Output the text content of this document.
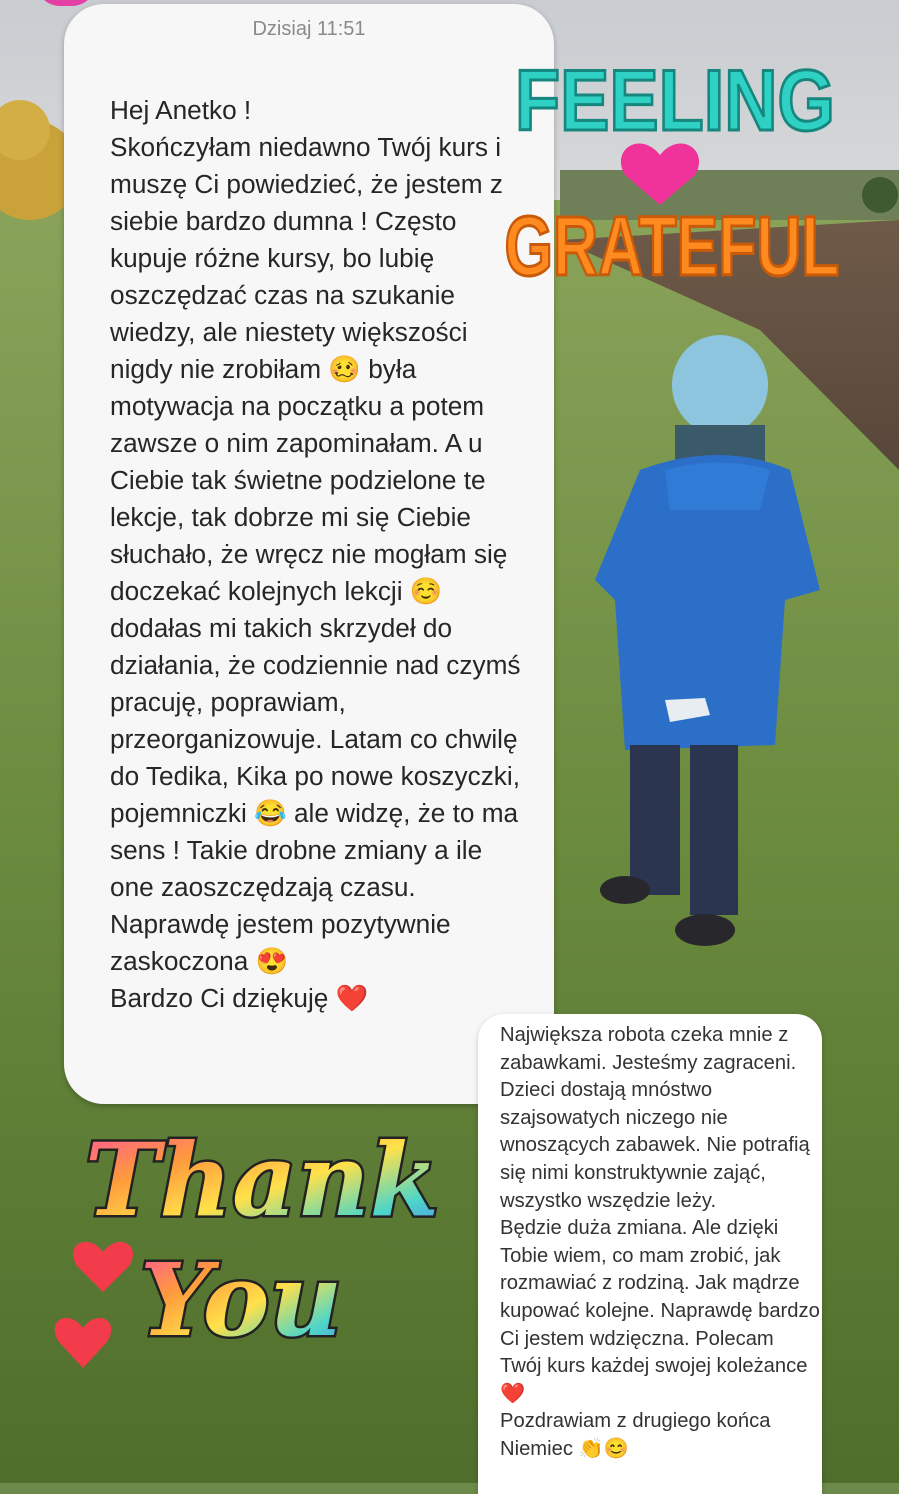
Dzisiaj 11:51
Hej Anetko !
Skończyłam niedawno Twój kurs i muszę Ci powiedzieć, że jestem z siebie bardzo dumna ! Często kupuje różne kursy, bo lubię oszczędzać czas na szukanie wiedzy, ale niestety większości nigdy nie zrobiłam 🥴 była motywacja na początku a potem zawsze o nim zapominałam. A u Ciebie tak świetne podzielone te lekcje, tak dobrze mi się Ciebie słuchało, że wręcz nie mogłam się doczekać kolejnych lekcji ☺️ dodałas mi takich skrzydeł do działania, że codziennie nad czymś pracuję, poprawiam, przeorganizowuje. Latam co chwilę do Tedika, Kika po nowe koszyczki, pojemniczki 😂 ale widzę, że to ma sens ! Takie drobne zmiany a ile one zaoszczędzają czasu. Naprawdę jestem pozytywnie zaskoczona 😍
Bardzo Ci dziękuję ❤️
Największa robota czeka mnie z zabawkami. Jesteśmy zagraceni. Dzieci dostają mnóstwo szajsowatych niczego nie wnoszących zabawek. Nie potrafią się nimi konstruktywnie zająć, wszystko wszędzie leży.
Będzie duża zmiana. Ale dzięki Tobie wiem, co mam zrobić, jak rozmawiać z rodziną. Jak mądrze kupować kolejne. Naprawdę bardzo Ci jestem wdzięczna. Polecam Twój kurs każdej swojej koleżance ❤️
Pozdrawiam z drugiego końca Niemiec 👏😊
FEELING
GRATEFUL
Thank
You
